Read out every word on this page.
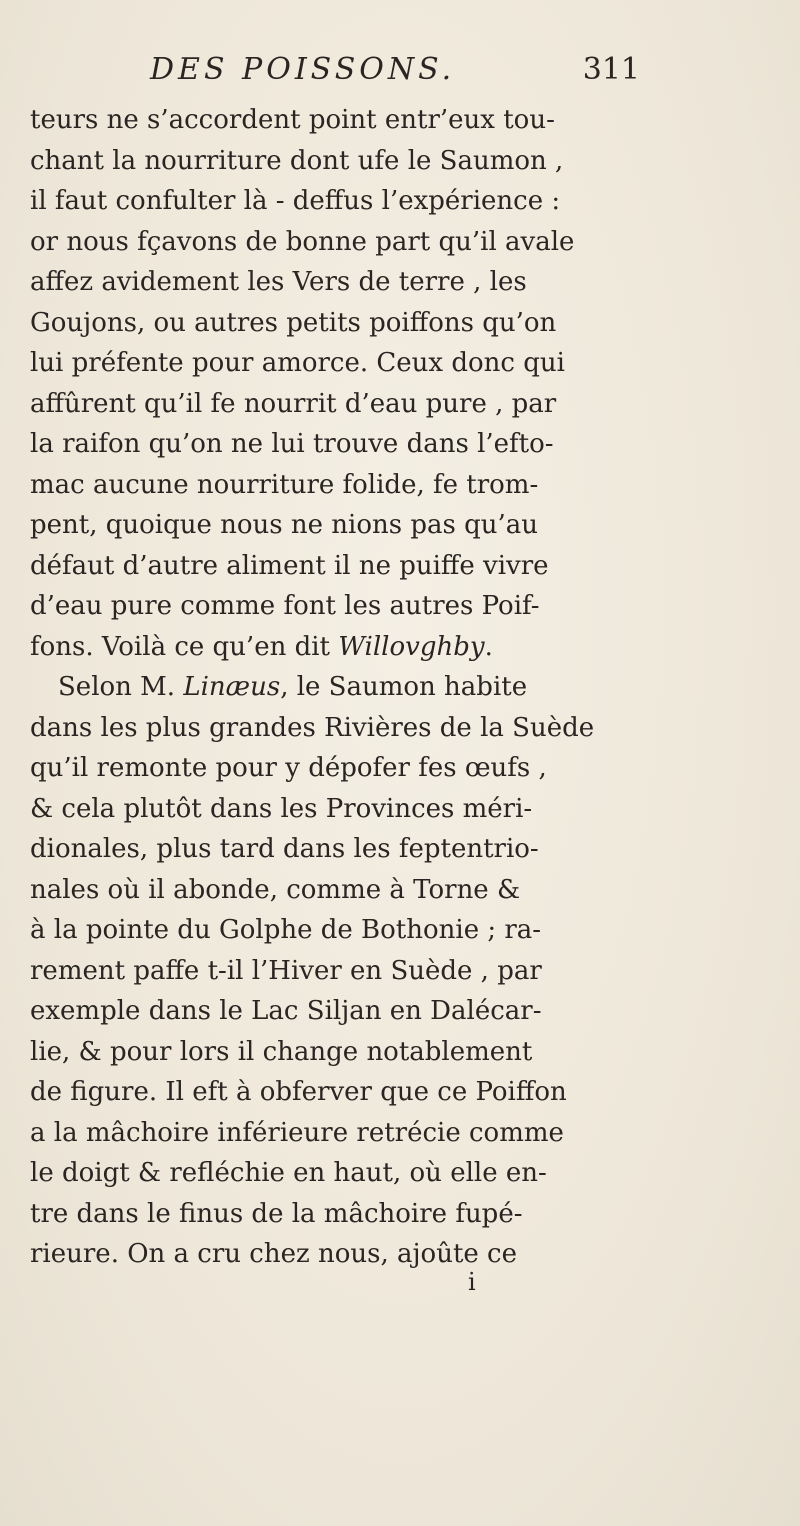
DES POISSONS.	311
teurs ne s’accordent point entr’eux tou-
chant la nourriture dont ufe le Saumon ,
il faut confulter là - deffus l’expérience :
or nous fçavons de bonne part qu’il avale
affez avidement les Vers de terre , les
Goujons, ou autres petits poiffons qu’on
lui préfente pour amorce. Ceux donc qui
affûrent qu’il fe nourrit d’eau pure , par
la raifon qu’on ne lui trouve dans l’efto-
mac aucune nourriture folide, fe trom-
pent, quoique nous ne nions pas qu’au
défaut d’autre aliment il ne puiffe vivre
d’eau pure comme font les autres Poif-
fons. Voilà ce qu’en dit Willovghby.
Selon M. Linæus, le Saumon habite
dans les plus grandes Rivières de la Suède
qu’il remonte pour y dépofer fes œufs ,
& cela plutôt dans les Provinces méri-
dionales, plus tard dans les feptentrio-
nales où il abonde, comme à Torne &
à la pointe du Golphe de Bothonie ; ra-
rement paffe t-il l’Hiver en Suède , par
exemple dans le Lac Siljan en Dalécar-
lie, & pour lors il change notablement
de figure. Il eft à obferver que ce Poiffon
a la mâchoire inférieure retrécie comme
le doigt & refléchie en haut, où elle en-
tre dans le finus de la mâchoire fupé-
rieure. On a cru chez nous, ajoûte ce
i
